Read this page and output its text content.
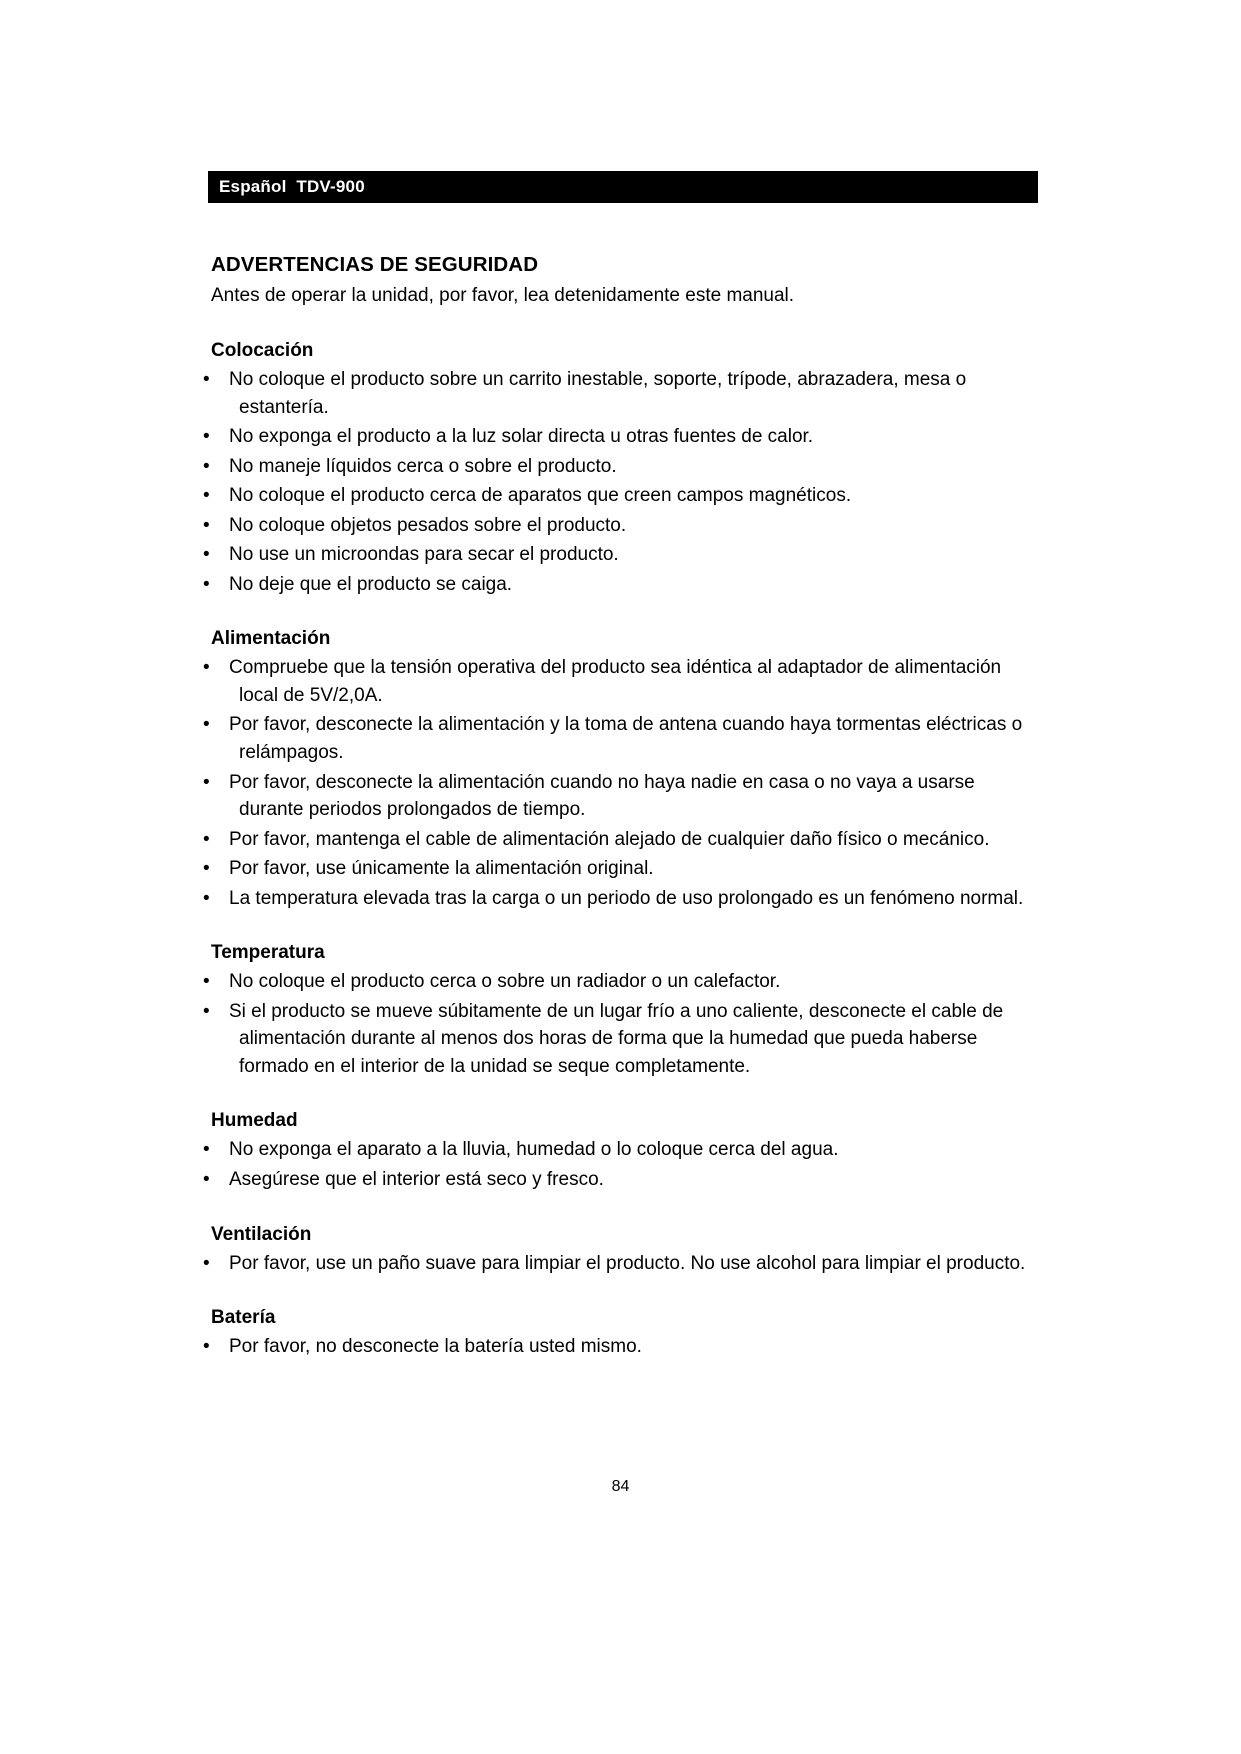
Español  TDV-900
ADVERTENCIAS DE SEGURIDAD

Antes de operar la unidad, por favor, lea detenidamente este manual.

Colocación
• No coloque el producto sobre un carrito inestable, soporte, trípode, abrazadera, mesa o estantería.
• No exponga el producto a la luz solar directa u otras fuentes de calor.
• No maneje líquidos cerca o sobre el producto.
• No coloque el producto cerca de aparatos que creen campos magnéticos.
• No coloque objetos pesados sobre el producto.
• No use un microondas para secar el producto.
• No deje que el producto se caiga.
Alimentación
• Compruebe que la tensión operativa del producto sea idéntica al adaptador de alimentación local de 5V/2,0A.
• Por favor, desconecte la alimentación y la toma de antena cuando haya tormentas eléctricas o relámpagos.
• Por favor, desconecte la alimentación cuando no haya nadie en casa o no vaya a usarse durante periodos prolongados de tiempo.
• Por favor, mantenga el cable de alimentación alejado de cualquier daño físico o mecánico.
• Por favor, use únicamente la alimentación original.
• La temperatura elevada tras la carga o un periodo de uso prolongado es un fenómeno normal.
Temperatura
• No coloque el producto cerca o sobre un radiador o un calefactor.
• Si el producto se mueve súbitamente de un lugar frío a uno caliente, desconecte el cable de alimentación durante al menos dos horas de forma que la humedad que pueda haberse formado en el interior de la unidad se seque completamente.
Humedad
• No exponga el aparato a la lluvia, humedad o lo coloque cerca del agua.
• Asegúrese que el interior está seco y fresco.
Ventilación
• Por favor, use un paño suave para limpiar el producto. No use alcohol para limpiar el producto.
Batería
• Por favor, no desconecte la batería usted mismo.
84
